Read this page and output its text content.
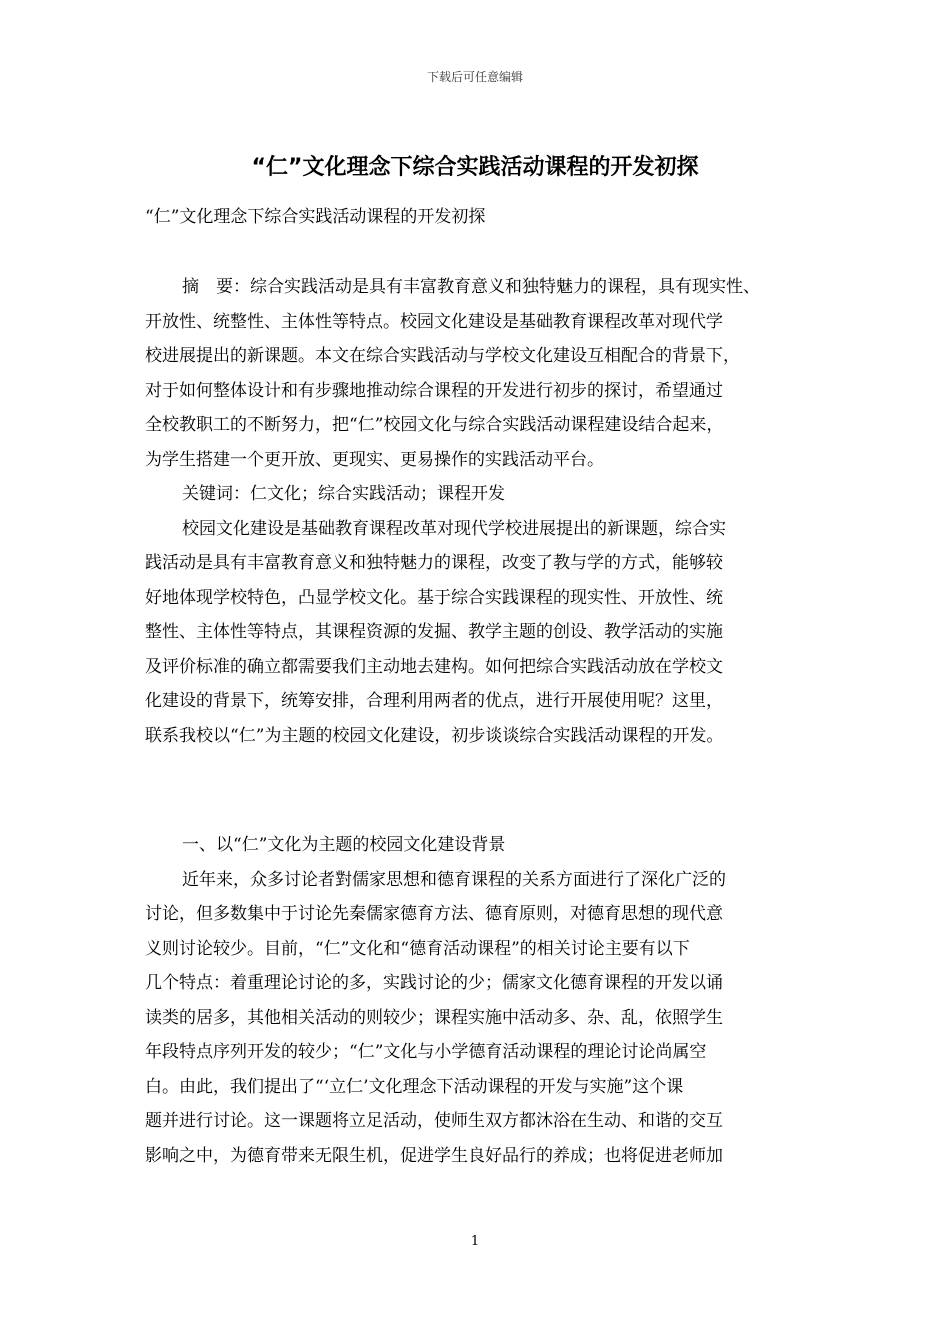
下载后可任意编辑
“仁”文化理念下综合实践活动课程的开发初探
“仁”文化理念下综合实践活动课程的开发初探
摘　要：综合实践活动是具有丰富教育意义和独特魅力的课程，具有现实性、
开放性、统整性、主体性等特点。校园文化建设是基础教育课程改革对现代学
校进展提出的新课题。本文在综合实践活动与学校文化建设互相配合的背景下，
对于如何整体设计和有步骤地推动综合课程的开发进行初步的探讨，希望通过
全校教职工的不断努力，把“仁”校园文化与综合实践活动课程建设结合起来，
为学生搭建一个更开放、更现实、更易操作的实践活动平台。
关键词：仁文化；综合实践活动；课程开发
校园文化建设是基础教育课程改革对现代学校进展提出的新课题，综合实
践活动是具有丰富教育意义和独特魅力的课程，改变了教与学的方式，能够较
好地体现学校特色，凸显学校文化。基于综合实践课程的现实性、开放性、统
整性、主体性等特点，其课程资源的发掘、教学主题的创设、教学活动的实施
及评价标准的确立都需要我们主动地去建构。如何把综合实践活动放在学校文
化建设的背景下，统筹安排，合理利用两者的优点，进行开展使用呢？这里，
联系我校以“仁”为主题的校园文化建设，初步谈谈综合实践活动课程的开发。
一、以“仁”文化为主题的校园文化建设背景
近年来，众多讨论者對儒家思想和德育课程的关系方面进行了深化广泛的
讨论，但多数集中于讨论先秦儒家德育方法、德育原则，对德育思想的现代意
义则讨论较少。目前，“仁”文化和“德育活动课程”的相关讨论主要有以下
几个特点：着重理论讨论的多，实践讨论的少；儒家文化德育课程的开发以诵
读类的居多，其他相关活动的则较少；课程实施中活动多、杂、乱，依照学生
年段特点序列开发的较少；“仁”文化与小学德育活动课程的理论讨论尚属空
白。由此，我们提出了“‘立仁’文化理念下活动课程的开发与实施”这个课
题并进行讨论。这一课题将立足活动，使师生双方都沐浴在生动、和谐的交互
影响之中，为德育带来无限生机，促进学生良好品行的养成；也将促进老师加
1
